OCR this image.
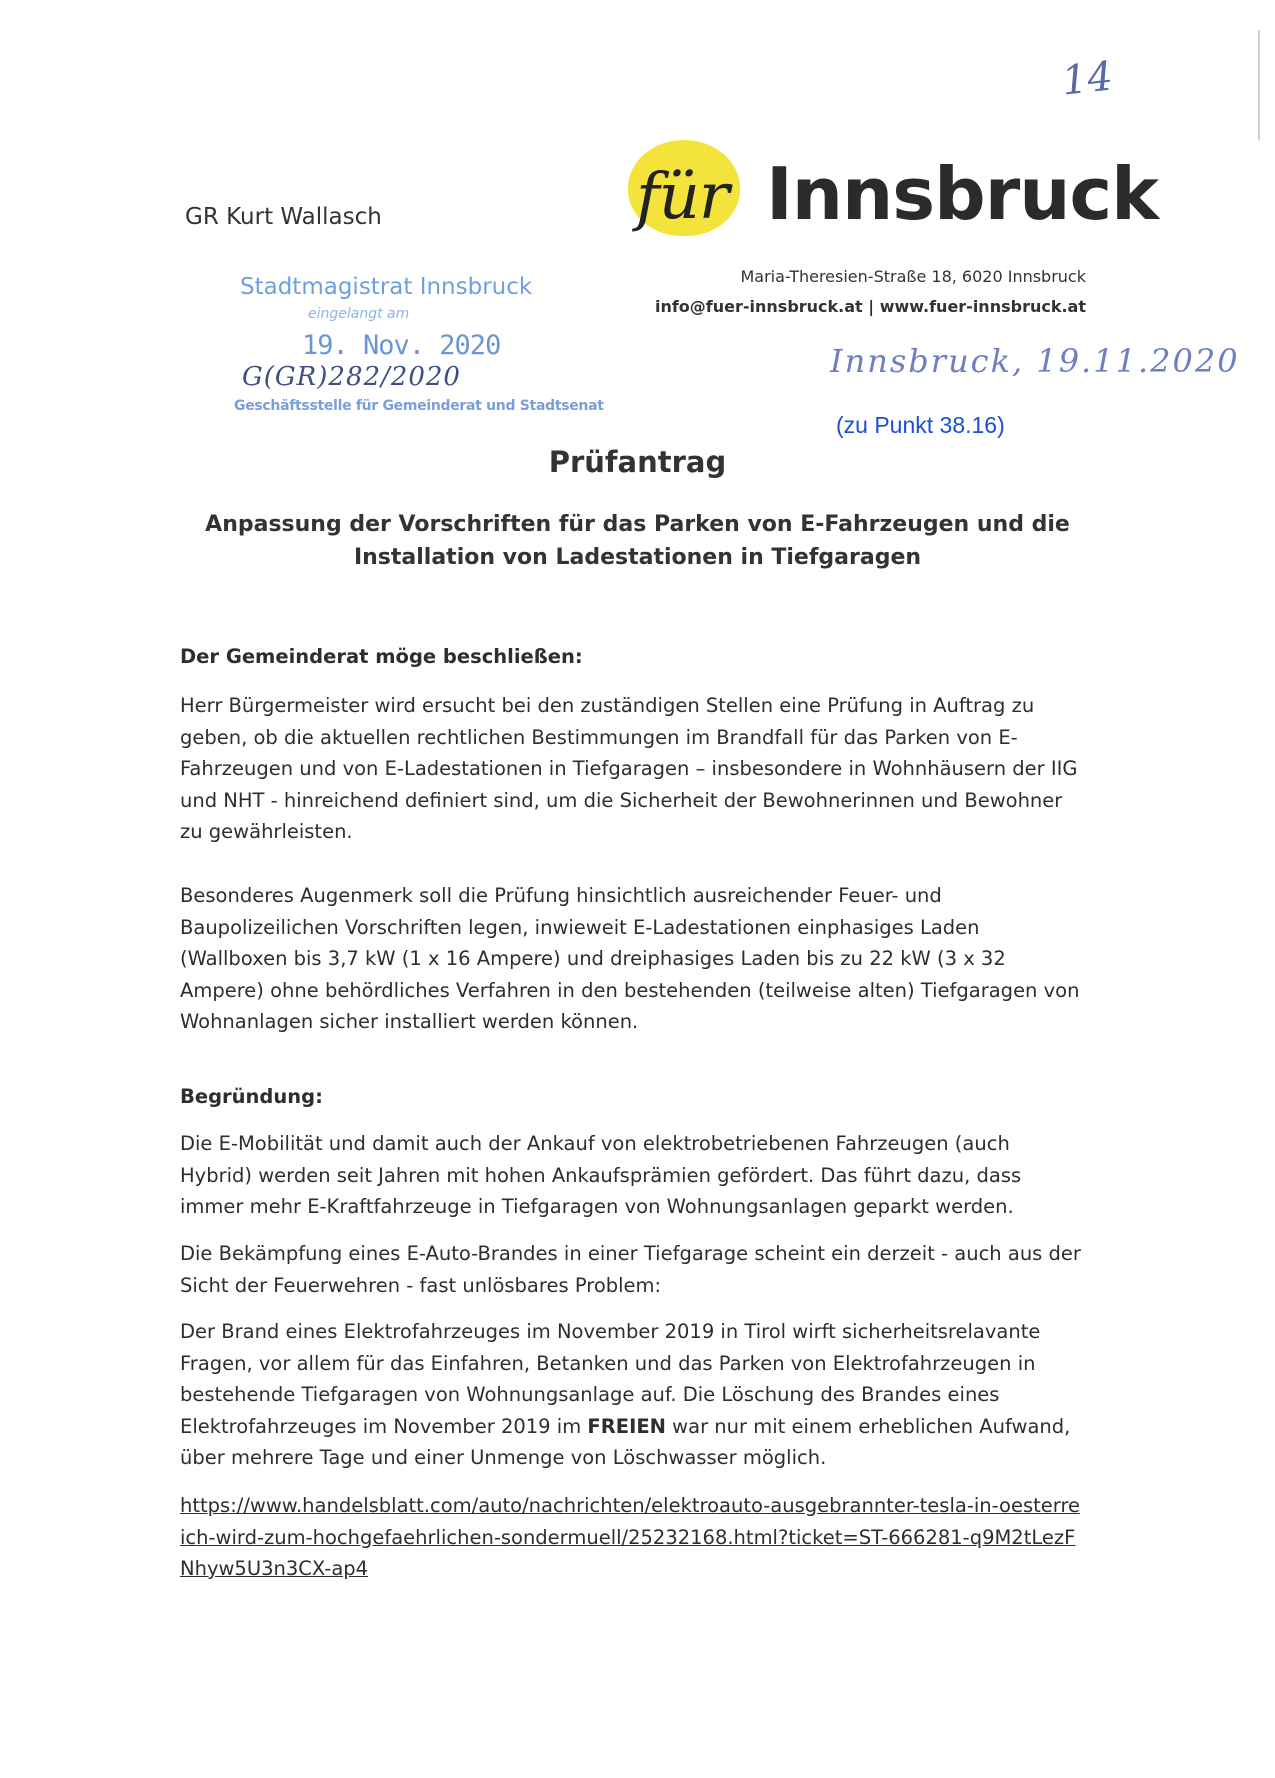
14
für Innsbruck
GR Kurt Wallasch
Maria-Theresien-Straße 18, 6020 Innsbruck
info@fuer-innsbruck.at | www.fuer-innsbruck.at
Stadtmagistrat Innsbruck
eingelangt am
19. Nov. 2020
G(GR)282/2020
Geschäftsstelle für Gemeinderat und Stadtsenat
Innsbruck, 19.11.2020
(zu Punkt 38.16)
Prüfantrag
Anpassung der Vorschriften für das Parken von E-Fahrzeugen und die
Installation von Ladestationen in Tiefgaragen
Der Gemeinderat möge beschließen:
Herr Bürgermeister wird ersucht bei den zuständigen Stellen eine Prüfung in Auftrag zu geben, ob die aktuellen rechtlichen Bestimmungen im Brandfall für das Parken von E-Fahrzeugen und von E-Ladestationen in Tiefgaragen – insbesondere in Wohnhäusern der IIG und NHT - hinreichend definiert sind, um die Sicherheit der Bewohnerinnen und Bewohner zu gewährleisten.
Besonderes Augenmerk soll die Prüfung hinsichtlich ausreichender Feuer- und Baupolizeilichen Vorschriften legen, inwieweit E-Ladestationen einphasiges Laden (Wallboxen bis 3,7 kW (1 x 16 Ampere) und dreiphasiges Laden bis zu 22 kW (3 x 32 Ampere) ohne behördliches Verfahren in den bestehenden (teilweise alten) Tiefgaragen von Wohnanlagen sicher installiert werden können.
Begründung:
Die E-Mobilität und damit auch der Ankauf von elektrobetriebenen Fahrzeugen (auch Hybrid) werden seit Jahren mit hohen Ankaufsprämien gefördert. Das führt dazu, dass immer mehr E-Kraftfahrzeuge in Tiefgaragen von Wohnungsanlagen geparkt werden.
Die Bekämpfung eines E-Auto-Brandes in einer Tiefgarage scheint ein derzeit - auch aus der Sicht der Feuerwehren - fast unlösbares Problem:
Der Brand eines Elektrofahrzeuges im November 2019 in Tirol wirft sicherheitsrelavante Fragen, vor allem für das Einfahren, Betanken und das Parken von Elektrofahrzeugen in bestehende Tiefgaragen von Wohnungsanlage auf. Die Löschung des Brandes eines Elektrofahrzeuges im November 2019 im FREIEN war nur mit einem erheblichen Aufwand, über mehrere Tage und einer Unmenge von Löschwasser möglich.
https://www.handelsblatt.com/auto/nachrichten/elektroauto-ausgebrannter-tesla-in-oesterreich-wird-zum-hochgefaehrlichen-sondermuell/25232168.html?ticket=ST-666281-q9M2tLezFNhyw5U3n3CX-ap4
